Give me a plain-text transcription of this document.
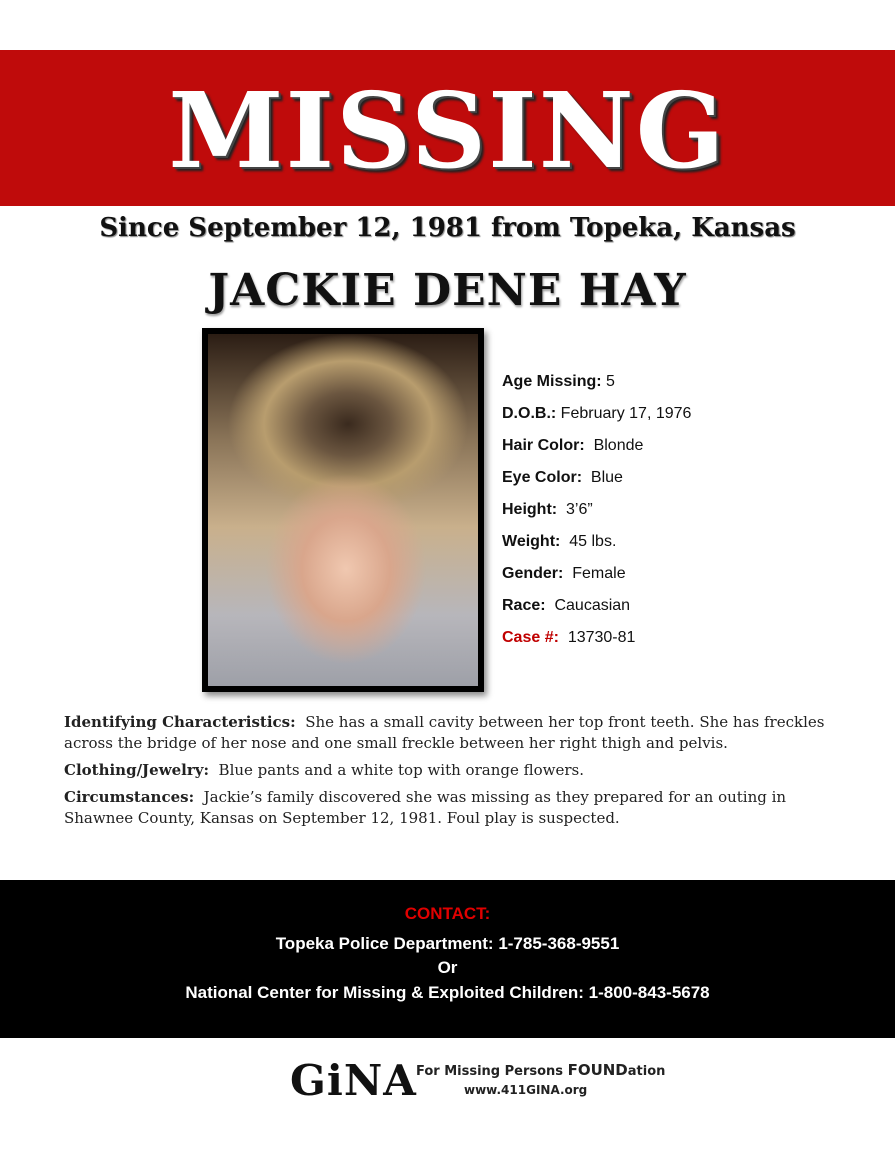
MISSING
Since September 12, 1981 from Topeka, Kansas
JACKIE DENE HAY
Age Missing: 5
D.O.B.: February 17, 1976
Hair Color: Blonde
Eye Color: Blue
Height: 3’6”
Weight: 45 lbs.
Gender: Female
Race: Caucasian
Case #: 13730-81

Identifying Characteristics: She has a small cavity between her top front teeth. She has freckles across the bridge of her nose and one small freckle between her right thigh and pelvis.

Clothing/Jewelry: Blue pants and a white top with orange flowers.

Circumstances: Jackie’s family discovered she was missing as they prepared for an outing in Shawnee County, Kansas on September 12, 1981. Foul play is suspected.

CONTACT:
Topeka Police Department: 1-785-368-9551
Or
National Center for Missing & Exploited Children: 1-800-843-5678
GiNA For Missing Persons FOUNDation
www.411GINA.org
